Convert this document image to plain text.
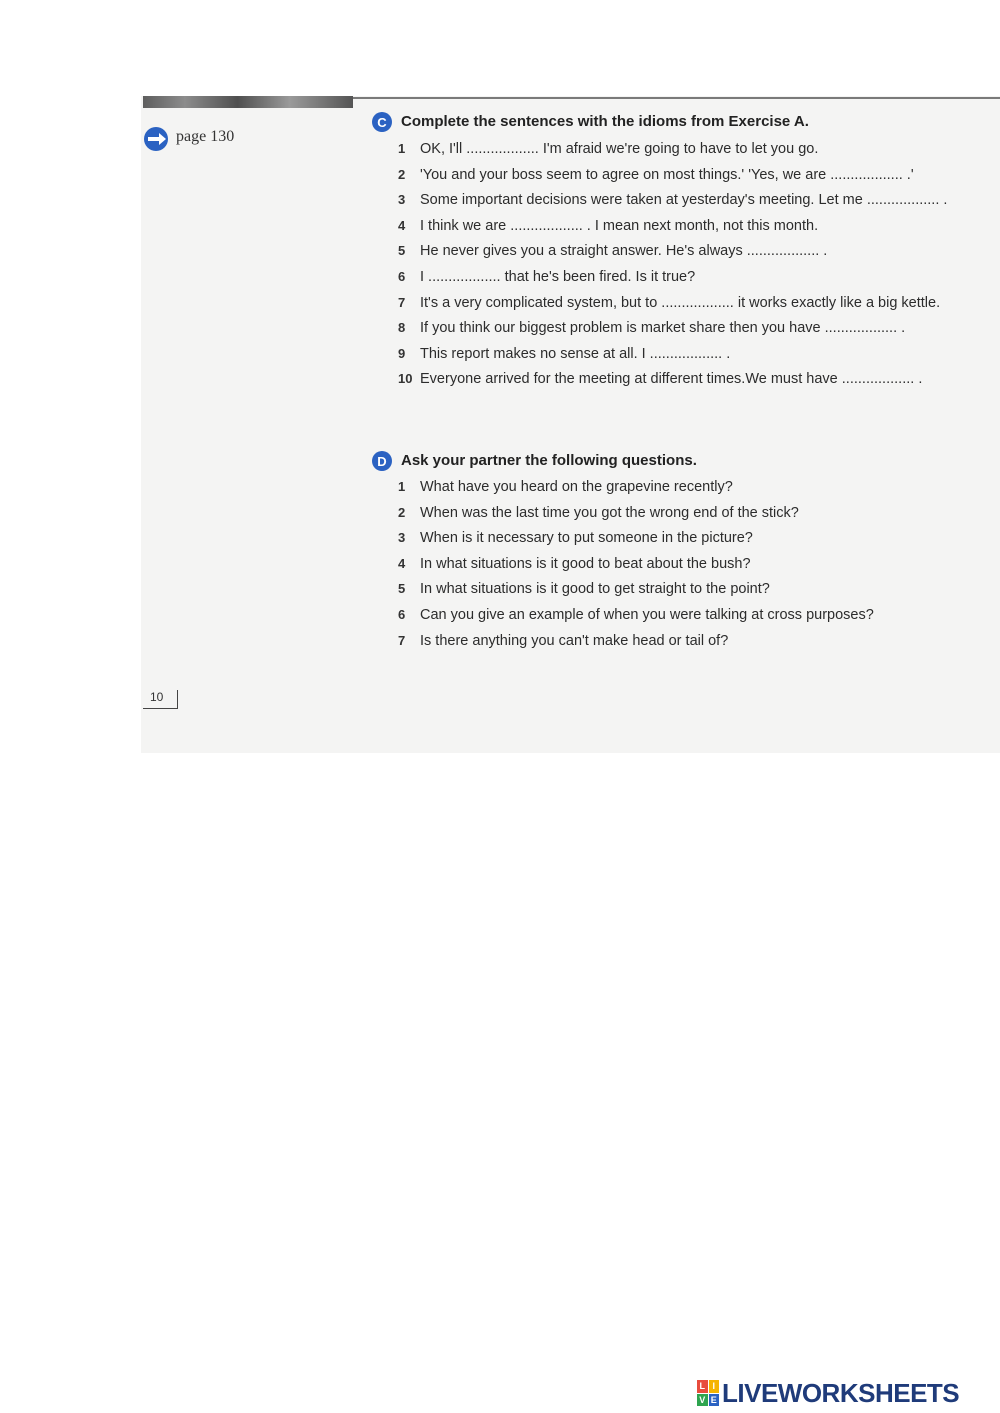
page 130
C Complete the sentences with the idioms from Exercise A.
1 OK, I'll .................. I'm afraid we're going to have to let you go.
2 'You and your boss seem to agree on most things.' 'Yes, we are .................. .'
3 Some important decisions were taken at yesterday's meeting. Let me .................. .
4 I think we are .................. . I mean next month, not this month.
5 He never gives you a straight answer. He's always .................. .
6 I .................. that he's been fired. Is it true?
7 It's a very complicated system, but to .................. it works exactly like a big kettle.
8 If you think our biggest problem is market share then you have .................. .
9 This report makes no sense at all. I .................. .
10 Everyone arrived for the meeting at different times.We must have .................. .
D Ask your partner the following questions.
1 What have you heard on the grapevine recently?
2 When was the last time you got the wrong end of the stick?
3 When is it necessary to put someone in the picture?
4 In what situations is it good to beat about the bush?
5 In what situations is it good to get straight to the point?
6 Can you give an example of when you were talking at cross purposes?
7 Is there anything you can't make head or tail of?
10
L I
V E LIVEWORKSHEETS
